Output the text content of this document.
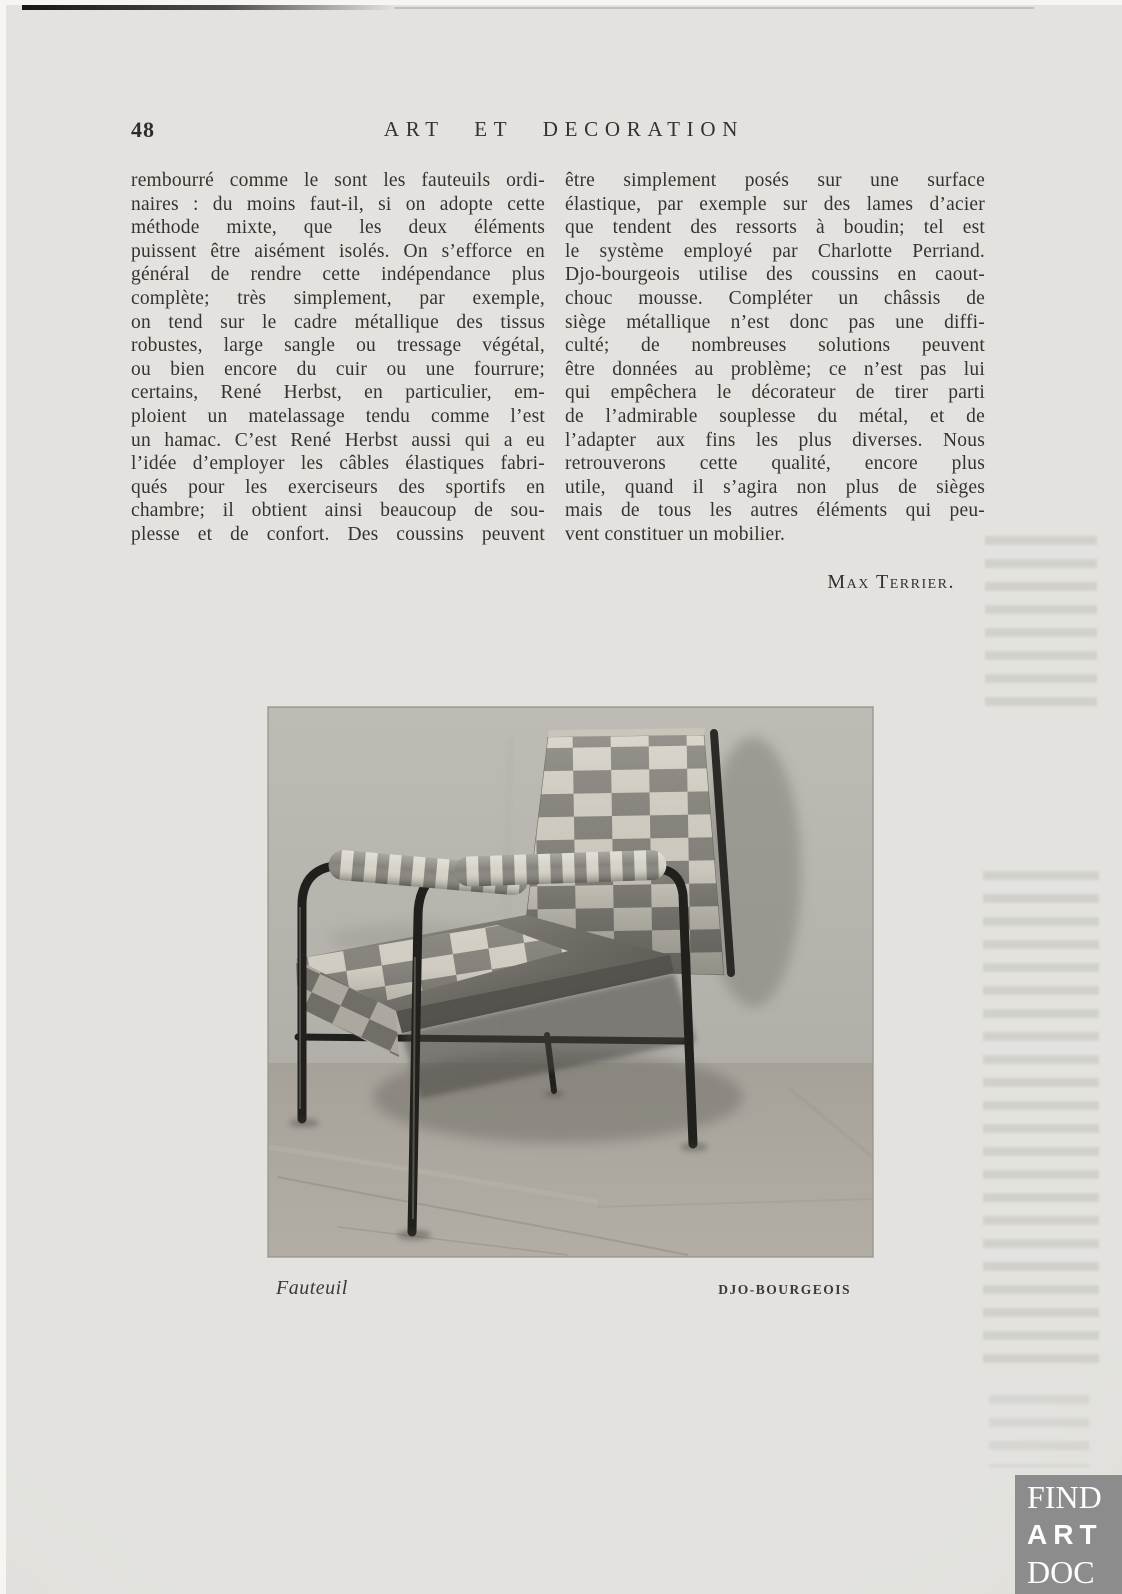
48	ART ET DECORATION
rembourré comme le sont les fauteuils ordi-
naires : du moins faut-il, si on adopte cette
méthode mixte, que les deux éléments
puissent être aisément isolés. On s’efforce en
général de rendre cette indépendance plus
complète; très simplement, par exemple,
on tend sur le cadre métallique des tissus
robustes, large sangle ou tressage végétal,
ou bien encore du cuir ou une fourrure;
certains, René Herbst, en particulier, em-
ploient un matelassage tendu comme l’est
un hamac. C’est René Herbst aussi qui a eu
l’idée d’employer les câbles élastiques fabri-
qués pour les exerciseurs des sportifs en
chambre; il obtient ainsi beaucoup de sou-
plesse et de confort. Des coussins peuvent
être simplement posés sur une surface
élastique, par exemple sur des lames d’acier
que tendent des ressorts à boudin; tel est
le système employé par Charlotte Perriand.
Djo-bourgeois utilise des coussins en caout-
chouc mousse. Compléter un châssis de
siège métallique n’est donc pas une diffi-
culté; de nombreuses solutions peuvent
être données au problème; ce n’est pas lui
qui empêchera le décorateur de tirer parti
de l’admirable souplesse du métal, et de
l’adapter aux fins les plus diverses. Nous
retrouverons cette qualité, encore plus
utile, quand il s’agira non plus de sièges
mais de tous les autres éléments qui peu-
vent constituer un mobilier.
Max Terrier.
Fauteuil	DJO-BOURGEOIS
FIND
ART
DOC
